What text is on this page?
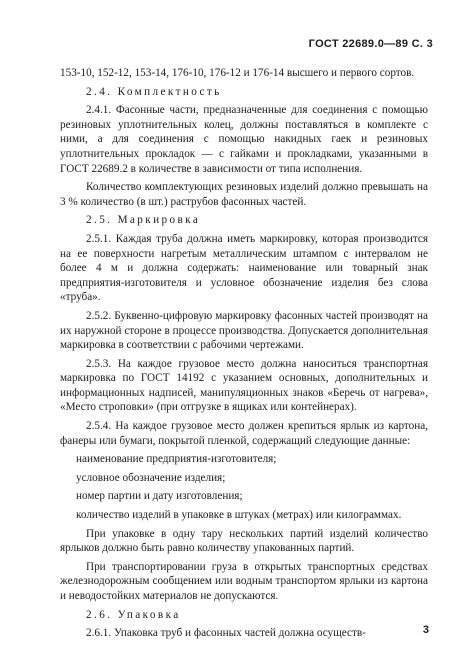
ГОСТ 22689.0—89 С. 3

153-10, 152-12, 153-14, 176-10, 176-12 и 176-14 высшего и первого сортов.

2.4. Комплектность

2.4.1. Фасонные части, предназначенные для соединения с помощью резиновых уплотнительных колец, должны поставляться в комплекте с ними, а для соединения с помощью накидных гаек и резиновых уплотнительных прокладок — с гайками и прокладками, указанными в ГОСТ 22689.2 в количестве в зависимости от типа исполнения.

Количество комплектующих резиновых изделий должно превышать на 3 % количество (в шт.) раструбов фасонных частей.

2.5. Маркировка

2.5.1. Каждая труба должна иметь маркировку, которая производится на ее поверхности нагретым металлическим штампом с интервалом не более 4 м и должна содержать: наименование или товарный знак предприятия-изготовителя и условное обозначение изделия без слова «труба».

2.5.2. Буквенно-цифровую маркировку фасонных частей производят на их наружной стороне в процессе производства. Допускается дополнительная маркировка в соответствии с рабочими чертежами.

2.5.3. На каждое грузовое место должна наноситься транспортная маркировка по ГОСТ 14192 с указанием основных, дополнительных и информационных надписей, манипуляционных знаков «Беречь от нагрева», «Место строповки» (при отгрузке в ящиках или контейнерах).

2.5.4. На каждое грузовое место должен крепиться ярлык из картона, фанеры или бумаги, покрытой пленкой, содержащий следующие данные:

наименование предприятия-изготовителя;

условное обозначение изделия;

номер партии и дату изготовления;

количество изделий в упаковке в штуках (метрах) или килограммах.

При упаковке в одну тару нескольких партий изделий количество ярлыков должно быть равно количеству упакованных партий.

При транспортировании груза в открытых транспортных средствах железнодорожным сообщением или водным транспортом ярлыки из картона и неводостойких материалов не допускаются.

2.6. Упаковка

2.6.1. Упаковка труб и фасонных частей должна осуществ-	3
